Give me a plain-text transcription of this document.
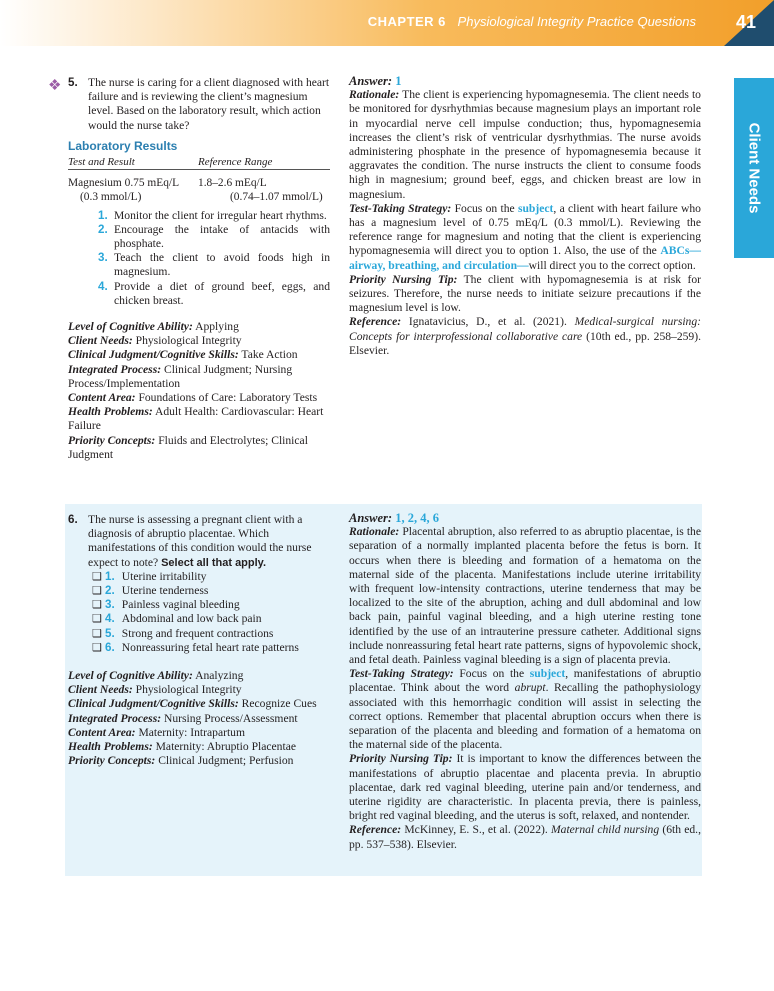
CHAPTER 6 Physiological Integrity Practice Questions 41
Client Needs
❖ 5. The nurse is caring for a client diagnosed with heart failure and is reviewing the client’s magnesium level. Based on the laboratory result, which action would the nurse take?
Laboratory Results
Test and Result	Reference Range
Magnesium 0.75 mEq/L	1.8–2.6 mEq/L
(0.3 mmol/L)	(0.74–1.07 mmol/L)
1. Monitor the client for irregular heart rhythms.
2. Encourage the intake of antacids with phosphate.
3. Teach the client to avoid foods high in magnesium.
4. Provide a diet of ground beef, eggs, and chicken breast.

Level of Cognitive Ability: Applying

Client Needs: Physiological Integrity

Clinical Judgment/Cognitive Skills: Take Action

Integrated Process: Clinical Judgment; Nursing Process/Implementation

Content Area: Foundations of Care: Laboratory Tests

Health Problems: Adult Health: Cardiovascular: Heart Failure

Priority Concepts: Fluids and Electrolytes; Clinical Judgment

Answer: 1

Rationale: The client is experiencing hypomagnesemia. The client needs to be monitored for dysrhythmias because magnesium plays an important role in myocardial nerve cell impulse conduction; thus, hypomagnesemia increases the client’s risk of ventricular dysrhythmias. The nurse avoids administering phosphate in the presence of hypomagnesemia because it aggravates the condition. The nurse instructs the client to consume foods high in magnesium; ground beef, eggs, and chicken breast are low in magnesium.

Test-Taking Strategy: Focus on the subject, a client with heart failure who has a magnesium level of 0.75 mEq/L (0.3 mmol/L). Reviewing the reference range for magnesium and noting that the client is experiencing hypomagnesemia will direct you to option 1. Also, the use of the ABCs—airway, breathing, and circulation—will direct you to the correct option.

Priority Nursing Tip: The client with hypomagnesemia is at risk for seizures. Therefore, the nurse needs to initiate seizure precautions if the magnesium level is low.

Reference: Ignatavicius, D., et al. (2021). Medical-surgical nursing: Concepts for interprofessional collaborative care (10th ed., pp. 258–259). Elsevier.

6. The nurse is assessing a pregnant client with a diagnosis of abruptio placentae. Which manifestations of this condition would the nurse expect to note? Select all that apply.
❑ 1. Uterine irritability
❑ 2. Uterine tenderness
❑ 3. Painless vaginal bleeding
❑ 4. Abdominal and low back pain
❑ 5. Strong and frequent contractions
❑ 6. Nonreassuring fetal heart rate patterns

Level of Cognitive Ability: Analyzing

Client Needs: Physiological Integrity

Clinical Judgment/Cognitive Skills: Recognize Cues

Integrated Process: Nursing Process/Assessment

Content Area: Maternity: Intrapartum

Health Problems: Maternity: Abruptio Placentae

Priority Concepts: Clinical Judgment; Perfusion

Answer: 1, 2, 4, 6

Rationale: Placental abruption, also referred to as abruptio placentae, is the separation of a normally implanted placenta before the fetus is born. It occurs when there is bleeding and formation of a hematoma on the maternal side of the placenta. Manifestations include uterine irritability with frequent low-intensity contractions, uterine tenderness that may be localized to the site of the abruption, aching and dull abdominal and low back pain, painful vaginal bleeding, and a high uterine resting tone identified by the use of an intrauterine pressure catheter. Additional signs include nonreassuring fetal heart rate patterns, signs of hypovolemic shock, and fetal death. Painless vaginal bleeding is a sign of placenta previa.

Test-Taking Strategy: Focus on the subject, manifestations of abruptio placentae. Think about the word abrupt. Recalling the pathophysiology associated with this hemorrhagic condition will assist in selecting the correct options. Remember that placental abruption occurs when there is separation of the placenta and bleeding and formation of a hematoma on the maternal side of the placenta.

Priority Nursing Tip: It is important to know the differences between the manifestations of abruptio placentae and placenta previa. In abruptio placentae, dark red vaginal bleeding, uterine pain and/or tenderness, and uterine rigidity are characteristic. In placenta previa, there is painless, bright red vaginal bleeding, and the uterus is soft, relaxed, and nontender.

Reference: McKinney, E. S., et al. (2022). Maternal child nursing (6th ed., pp. 537–538). Elsevier.
